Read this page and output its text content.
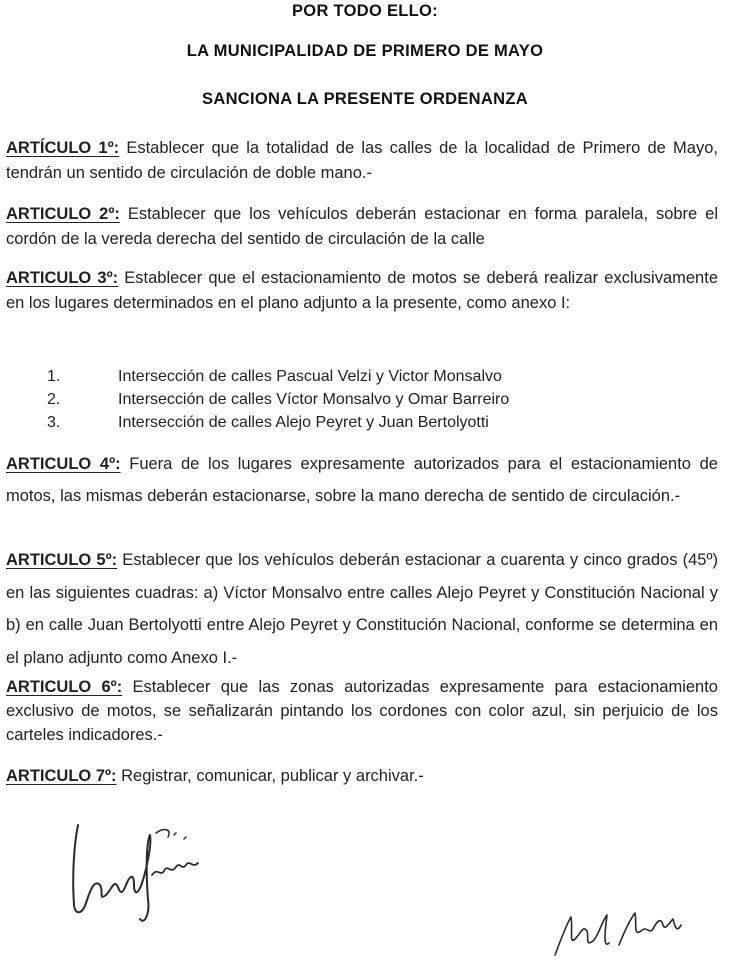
POR TODO ELLO:
LA MUNICIPALIDAD DE PRIMERO DE MAYO
SANCIONA LA PRESENTE ORDENANZA
ARTÍCULO 1º: Establecer que la totalidad de las calles de la localidad de Primero de Mayo, tendrán un sentido de circulación de doble mano.-
ARTICULO 2º: Establecer que los vehículos deberán estacionar en forma paralela, sobre el cordón de la vereda derecha del sentido de circulación de la calle
ARTICULO 3º: Establecer que el estacionamiento de motos se deberá realizar exclusivamente en los lugares determinados en el plano adjunto a la presente, como anexo I:
1.	Intersección de calles Pascual Velzi y Victor Monsalvo
2.	Intersección de calles Víctor Monsalvo y Omar Barreiro
3.	Intersección de calles Alejo Peyret y Juan Bertolyotti
ARTICULO 4º: Fuera de los lugares expresamente autorizados para el estacionamiento de motos, las mismas deberán estacionarse, sobre la mano derecha de sentido de circulación.-
ARTICULO 5º: Establecer que los vehículos deberán estacionar a cuarenta y cinco grados (45º) en las siguientes cuadras: a) Víctor Monsalvo entre calles Alejo Peyret y Constitución Nacional y b) en calle Juan Bertolyotti entre Alejo Peyret y Constitución Nacional, conforme se determina en el plano adjunto como Anexo I.-
ARTICULO 6º: Establecer que las zonas autorizadas expresamente para estacionamiento exclusivo de motos, se señalizarán pintando los cordones con color azul, sin perjuicio de los carteles indicadores.-
ARTICULO 7º: Registrar, comunicar, publicar y archivar.-
